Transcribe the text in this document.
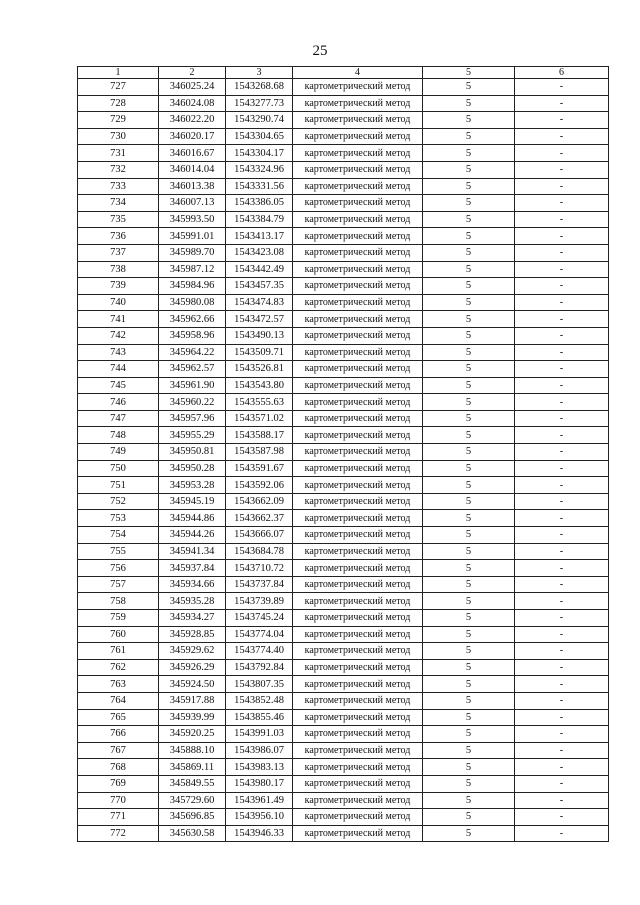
25
1	2	3	4	5	6
727	346025.24	1543268.68	картометрический метод	5	-
728	346024.08	1543277.73	картометрический метод	5	-
729	346022.20	1543290.74	картометрический метод	5	-
730	346020.17	1543304.65	картометрический метод	5	-
731	346016.67	1543304.17	картометрический метод	5	-
732	346014.04	1543324.96	картометрический метод	5	-
733	346013.38	1543331.56	картометрический метод	5	-
734	346007.13	1543386.05	картометрический метод	5	-
735	345993.50	1543384.79	картометрический метод	5	-
736	345991.01	1543413.17	картометрический метод	5	-
737	345989.70	1543423.08	картометрический метод	5	-
738	345987.12	1543442.49	картометрический метод	5	-
739	345984.96	1543457.35	картометрический метод	5	-
740	345980.08	1543474.83	картометрический метод	5	-
741	345962.66	1543472.57	картометрический метод	5	-
742	345958.96	1543490.13	картометрический метод	5	-
743	345964.22	1543509.71	картометрический метод	5	-
744	345962.57	1543526.81	картометрический метод	5	-
745	345961.90	1543543.80	картометрический метод	5	-
746	345960.22	1543555.63	картометрический метод	5	-
747	345957.96	1543571.02	картометрический метод	5	-
748	345955.29	1543588.17	картометрический метод	5	-
749	345950.81	1543587.98	картометрический метод	5	-
750	345950.28	1543591.67	картометрический метод	5	-
751	345953.28	1543592.06	картометрический метод	5	-
752	345945.19	1543662.09	картометрический метод	5	-
753	345944.86	1543662.37	картометрический метод	5	-
754	345944.26	1543666.07	картометрический метод	5	-
755	345941.34	1543684.78	картометрический метод	5	-
756	345937.84	1543710.72	картометрический метод	5	-
757	345934.66	1543737.84	картометрический метод	5	-
758	345935.28	1543739.89	картометрический метод	5	-
759	345934.27	1543745.24	картометрический метод	5	-
760	345928.85	1543774.04	картометрический метод	5	-
761	345929.62	1543774.40	картометрический метод	5	-
762	345926.29	1543792.84	картометрический метод	5	-
763	345924.50	1543807.35	картометрический метод	5	-
764	345917.88	1543852.48	картометрический метод	5	-
765	345939.99	1543855.46	картометрический метод	5	-
766	345920.25	1543991.03	картометрический метод	5	-
767	345888.10	1543986.07	картометрический метод	5	-
768	345869.11	1543983.13	картометрический метод	5	-
769	345849.55	1543980.17	картометрический метод	5	-
770	345729.60	1543961.49	картометрический метод	5	-
771	345696.85	1543956.10	картометрический метод	5	-
772	345630.58	1543946.33	картометрический метод	5	-
